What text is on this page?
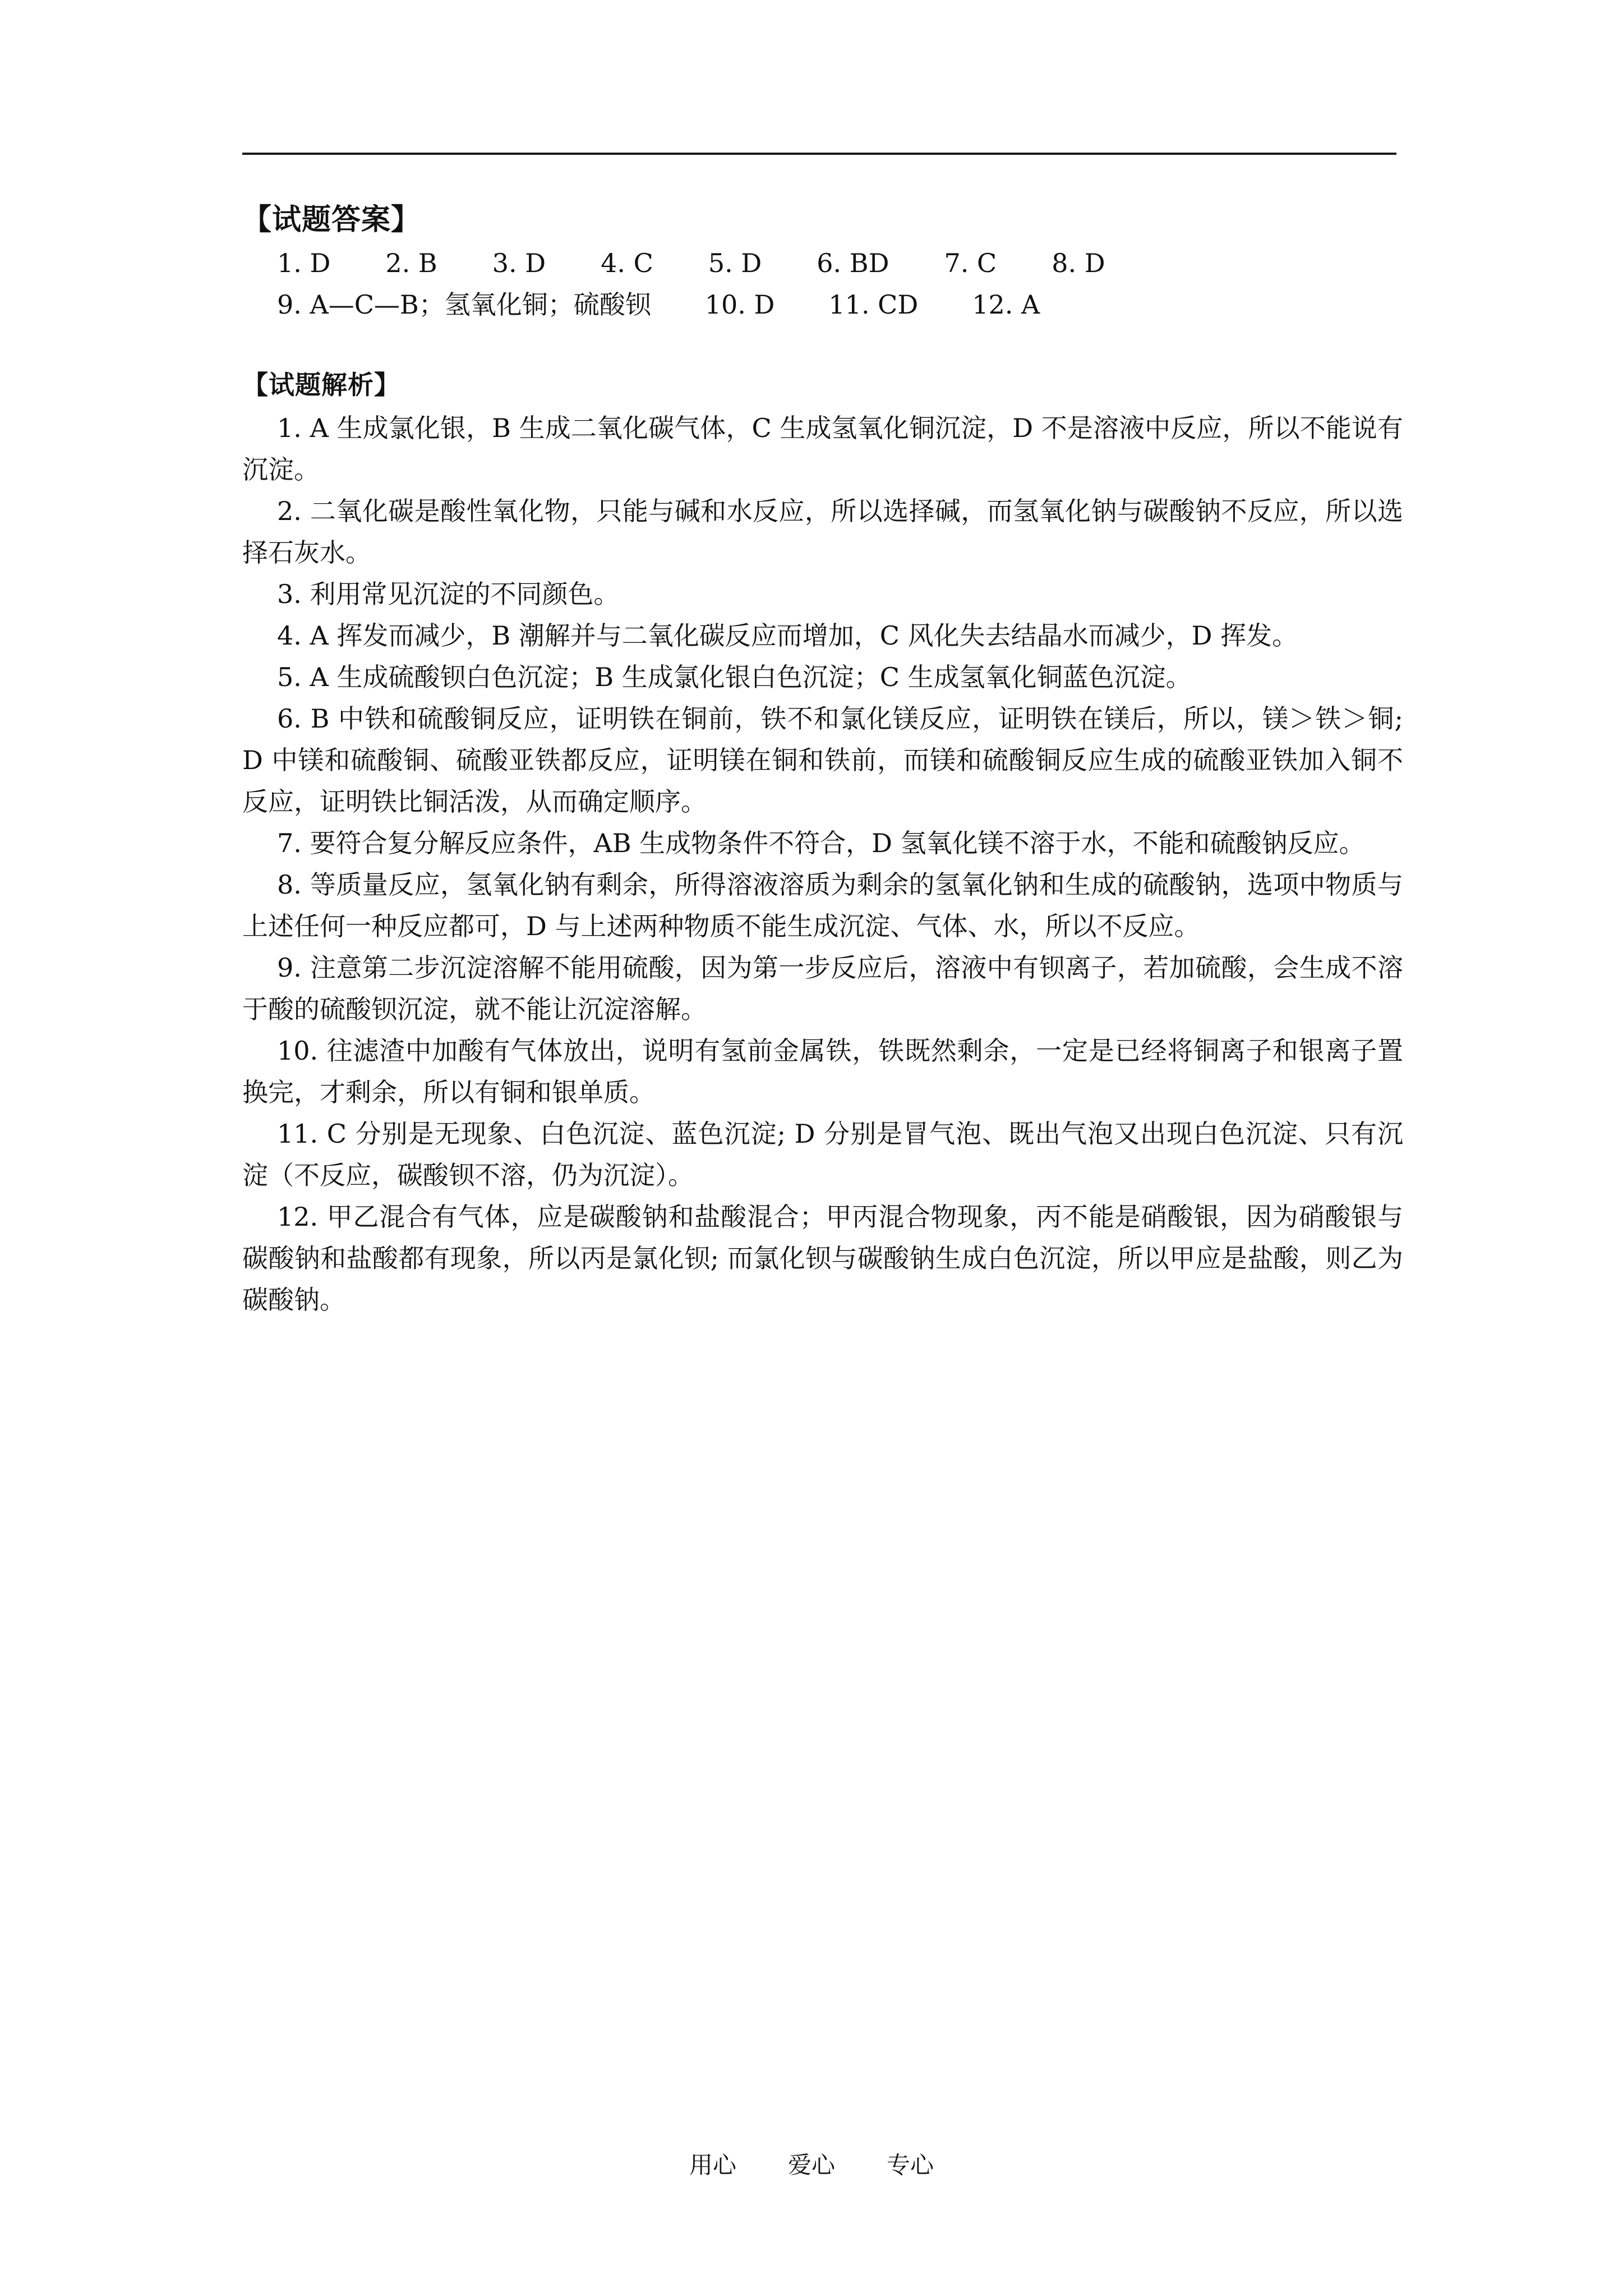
【试题答案】
1. D 2. B 3. D 4. C 5. D 6. BD 7. C 8. D
9. A—C—B；氢氧化铜；硫酸钡 10. D 11. CD 12. A
【试题解析】

1. A 生成氯化银，B 生成二氧化碳气体，C 生成氢氧化铜沉淀，D 不是溶液中反应，所以不能说有沉淀。

2. 二氧化碳是酸性氧化物，只能与碱和水反应，所以选择碱，而氢氧化钠与碳酸钠不反应，所以选择石灰水。

3. 利用常见沉淀的不同颜色。

4. A 挥发而减少，B 潮解并与二氧化碳反应而增加，C 风化失去结晶水而减少，D 挥发。

5. A 生成硫酸钡白色沉淀；B 生成氯化银白色沉淀；C 生成氢氧化铜蓝色沉淀。

6. B 中铁和硫酸铜反应，证明铁在铜前，铁不和氯化镁反应，证明铁在镁后，所以，镁＞铁＞铜; D 中镁和硫酸铜、硫酸亚铁都反应，证明镁在铜和铁前，而镁和硫酸铜反应生成的硫酸亚铁加入铜不反应，证明铁比铜活泼，从而确定顺序。

7. 要符合复分解反应条件，AB 生成物条件不符合，D 氢氧化镁不溶于水，不能和硫酸钠反应。

8. 等质量反应，氢氧化钠有剩余，所得溶液溶质为剩余的氢氧化钠和生成的硫酸钠，选项中物质与上述任何一种反应都可，D 与上述两种物质不能生成沉淀、气体、水，所以不反应。

9. 注意第二步沉淀溶解不能用硫酸，因为第一步反应后，溶液中有钡离子，若加硫酸，会生成不溶于酸的硫酸钡沉淀，就不能让沉淀溶解。

10. 往滤渣中加酸有气体放出，说明有氢前金属铁，铁既然剩余，一定是已经将铜离子和银离子置换完，才剩余，所以有铜和银单质。

11. C 分别是无现象、白色沉淀、蓝色沉淀; D 分别是冒气泡、既出气泡又出现白色沉淀、只有沉淀（不反应，碳酸钡不溶，仍为沉淀）。

12. 甲乙混合有气体，应是碳酸钠和盐酸混合；甲丙混合物现象，丙不能是硝酸银，因为硝酸银与碳酸钠和盐酸都有现象，所以丙是氯化钡; 而氯化钡与碳酸钠生成白色沉淀，所以甲应是盐酸，则乙为碳酸钠。

用心 爱心 专心
